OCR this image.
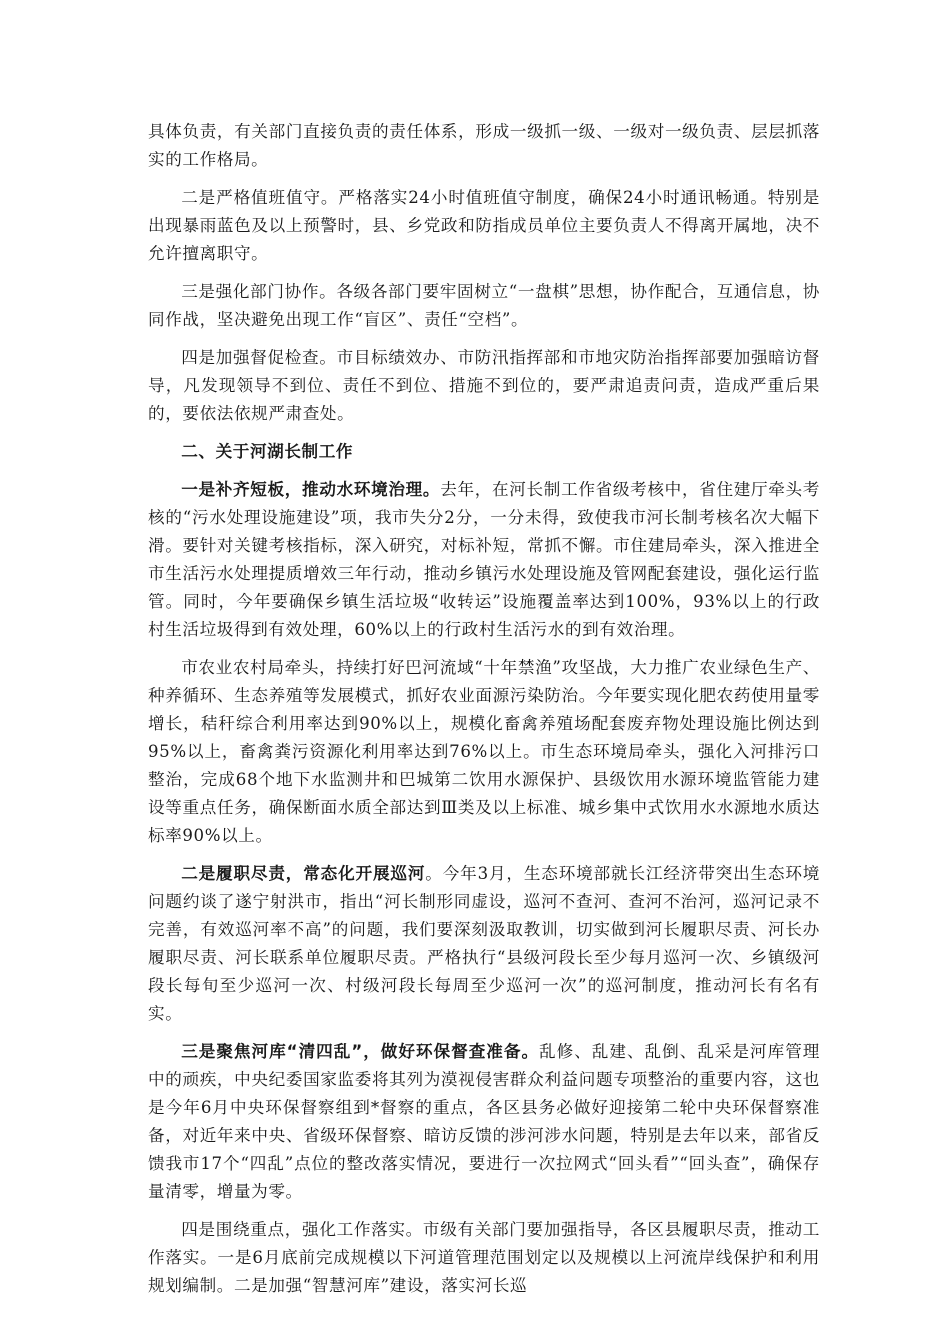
具体负责，有关部门直接负责的责任体系，形成一级抓一级、一级对一级负责、层层抓落实的工作格局。

二是严格值班值守。严格落实24小时值班值守制度，确保24小时通讯畅通。特别是出现暴雨蓝色及以上预警时，县、乡党政和防指成员单位主要负责人不得离开属地，决不允许擅离职守。

三是强化部门协作。各级各部门要牢固树立“一盘棋”思想，协作配合，互通信息，协同作战，坚决避免出现工作“盲区”、责任“空档”。

四是加强督促检查。市目标绩效办、市防汛指挥部和市地灾防治指挥部要加强暗访督导，凡发现领导不到位、责任不到位、措施不到位的，要严肃追责问责，造成严重后果的，要依法依规严肃查处。

二、关于河湖长制工作

一是补齐短板，推动水环境治理。去年，在河长制工作省级考核中，省住建厅牵头考核的“污水处理设施建设”项，我市失分2分，一分未得，致使我市河长制考核名次大幅下滑。要针对关键考核指标，深入研究，对标补短，常抓不懈。市住建局牵头，深入推进全市生活污水处理提质增效三年行动，推动乡镇污水处理设施及管网配套建设，强化运行监管。同时，今年要确保乡镇生活垃圾“收转运”设施覆盖率达到100%，93%以上的行政村生活垃圾得到有效处理，60%以上的行政村生活污水的到有效治理。

市农业农村局牵头，持续打好巴河流域“十年禁渔”攻坚战，大力推广农业绿色生产、种养循环、生态养殖等发展模式，抓好农业面源污染防治。今年要实现化肥农药使用量零增长，秸秆综合利用率达到90%以上，规模化畜禽养殖场配套废弃物处理设施比例达到95%以上，畜禽粪污资源化利用率达到76%以上。市生态环境局牵头，强化入河排污口整治，完成68个地下水监测井和巴城第二饮用水源保护、县级饮用水源环境监管能力建设等重点任务，确保断面水质全部达到Ⅲ类及以上标准、城乡集中式饮用水水源地水质达标率90%以上。

二是履职尽责，常态化开展巡河。今年3月，生态环境部就长江经济带突出生态环境问题约谈了遂宁射洪市，指出“河长制形同虚设，巡河不查河、查河不治河，巡河记录不完善，有效巡河率不高”的问题，我们要深刻汲取教训，切实做到河长履职尽责、河长办履职尽责、河长联系单位履职尽责。严格执行“县级河段长至少每月巡河一次、乡镇级河段长每旬至少巡河一次、村级河段长每周至少巡河一次”的巡河制度，推动河长有名有实。

三是聚焦河库“清四乱”，做好环保督查准备。乱修、乱建、乱倒、乱采是河库管理中的顽疾，中央纪委国家监委将其列为漠视侵害群众利益问题专项整治的重要内容，这也是今年6月中央环保督察组到*督察的重点，各区县务必做好迎接第二轮中央环保督察准备，对近年来中央、省级环保督察、暗访反馈的涉河涉水问题，特别是去年以来，部省反馈我市17个“四乱”点位的整改落实情况，要进行一次拉网式“回头看”“回头查”，确保存量清零，增量为零。

四是围绕重点，强化工作落实。市级有关部门要加强指导，各区县履职尽责，推动工作落实。一是6月底前完成规模以下河道管理范围划定以及规模以上河流岸线保护和利用规划编制。二是加强“智慧河库”建设，落实河长巡
